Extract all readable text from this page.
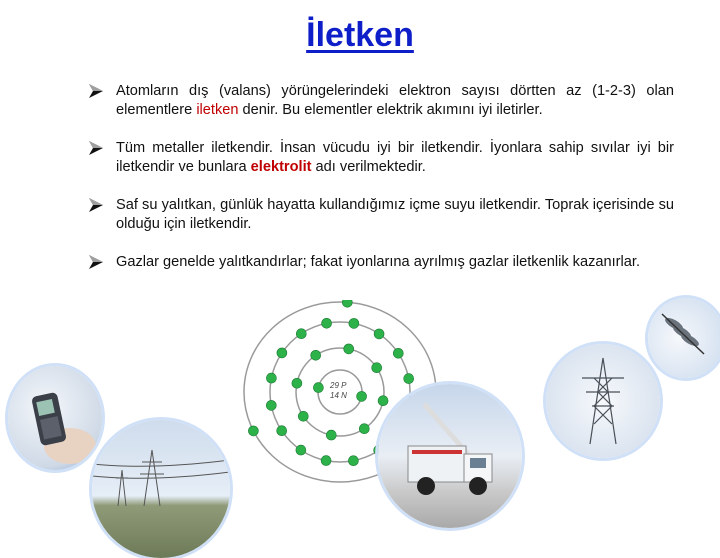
İletken
Atomların dış (valans) yörüngelerindeki elektron sayısı dörtten az (1-2-3) olan elementlere iletken denir. Bu elementler elektrik akımını iyi iletirler.
Tüm metaller iletkendir. İnsan vücudu iyi bir iletkendir. İyonlara sahip sıvılar iyi bir iletkendir ve bunlara elektrolit adı verilmektedir.
Saf su yalıtkan, günlük hayatta kullandığımız içme suyu iletkendir. Toprak içerisinde su olduğu için iletkendir.
Gazlar genelde yalıtkandırlar; fakat iyonlarına ayrılmış gazlar iletkenlik kazanırlar.
29 P
14 N
